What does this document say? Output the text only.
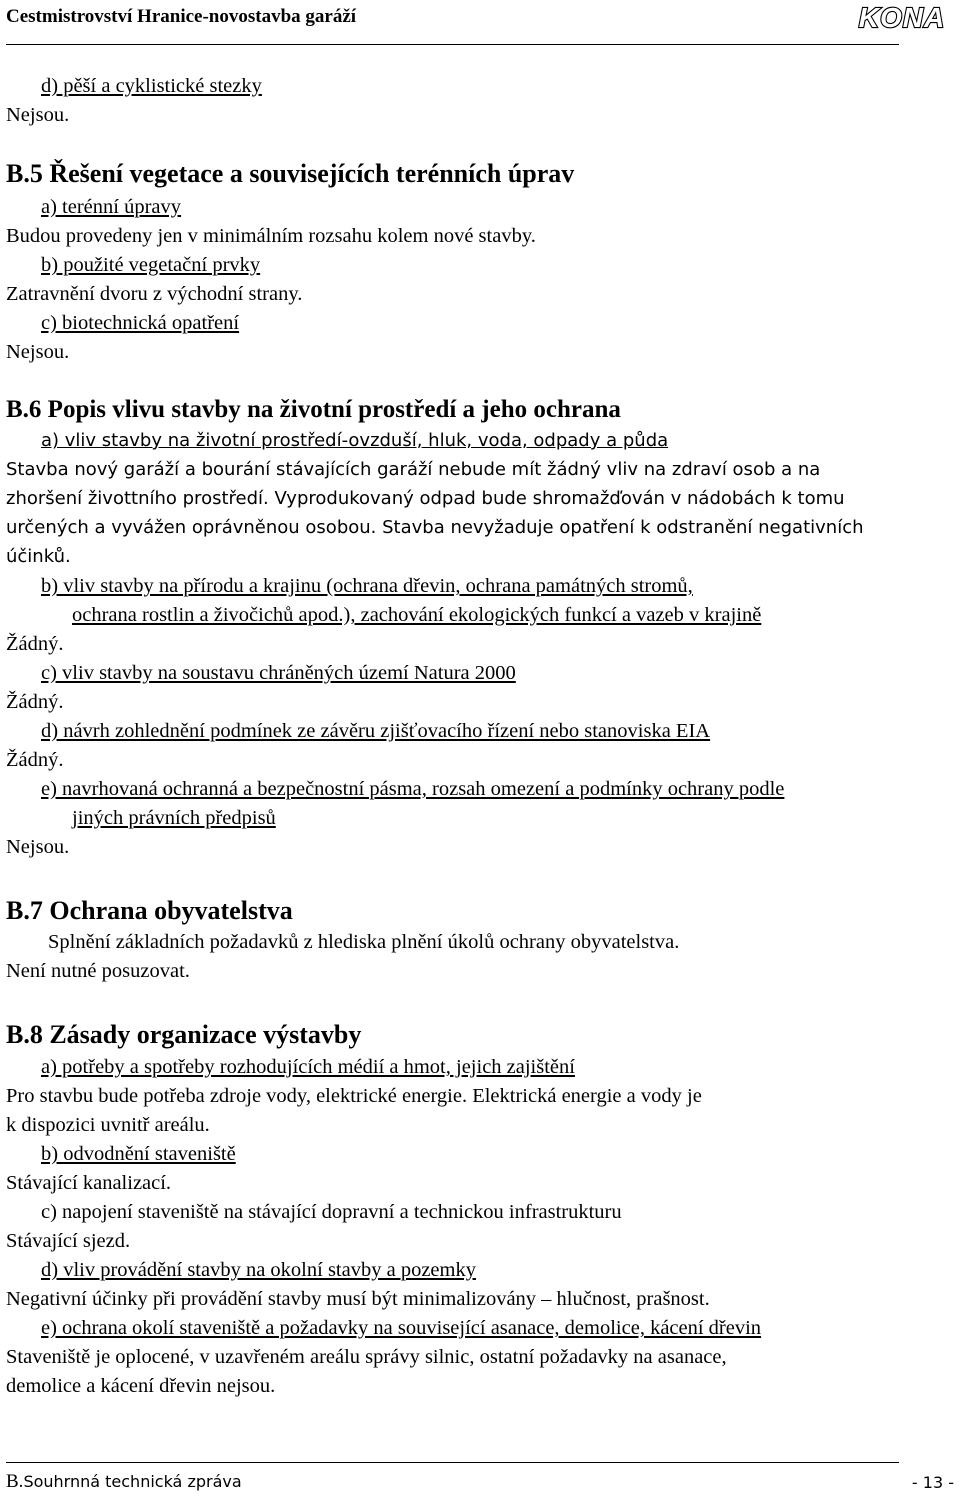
Cestmistrovství Hranice-novostavba garáží	KONA
d) pěší a cyklistické stezky
Nejsou.
B.5 Řešení vegetace a souvisejících terénních úprav
a) terénní úpravy
Budou provedeny jen v minimálním rozsahu kolem nové stavby.
b) použité vegetační prvky
Zatravnění dvoru z východní strany.
c) biotechnická opatření
Nejsou.
B.6 Popis vlivu stavby na životní prostředí a jeho ochrana
a) vliv stavby na životní prostředí-ovzduší, hluk, voda, odpady a půda
Stavba nový garáží a bourání stávajících garáží nebude mít žádný vliv na zdraví osob a na
zhoršení živottního prostředí. Vyprodukovaný odpad bude shromažďován v nádobách k tomu
určených a vyvážen oprávněnou osobou. Stavba nevyžaduje opatření k odstranění negativních
účinků.
b) vliv stavby na přírodu a krajinu (ochrana dřevin, ochrana památných stromů,
ochrana rostlin a živočichů apod.), zachování ekologických funkcí a vazeb v krajině
Žádný.
c) vliv stavby na soustavu chráněných území Natura 2000
Žádný.
d) návrh zohlednění podmínek ze závěru zjišťovacího řízení nebo stanoviska EIA
Žádný.
e) navrhovaná ochranná a bezpečnostní pásma, rozsah omezení a podmínky ochrany podle
jiných právních předpisů
Nejsou.
B.7 Ochrana obyvatelstva
Splnění základních požadavků z hlediska plnění úkolů ochrany obyvatelstva.
Není nutné posuzovat.
B.8 Zásady organizace výstavby
a) potřeby a spotřeby rozhodujících médií a hmot, jejich zajištění
Pro stavbu bude potřeba zdroje vody, elektrické energie. Elektrická energie a vody je
k dispozici uvnitř areálu.
b) odvodnění staveniště
Stávající kanalizací.
c) napojení staveniště na stávající dopravní a technickou infrastrukturu
Stávající sjezd.
d) vliv provádění stavby na okolní stavby a pozemky
Negativní účinky při provádění stavby musí být minimalizovány – hlučnost, prašnost.
e) ochrana okolí staveniště a požadavky na související asanace, demolice, kácení dřevin
Staveniště je oplocené, v uzavřeném areálu správy silnic, ostatní požadavky na asanace,
demolice a kácení dřevin nejsou.
B.Souhrnná technická zpráva	- 13 -
